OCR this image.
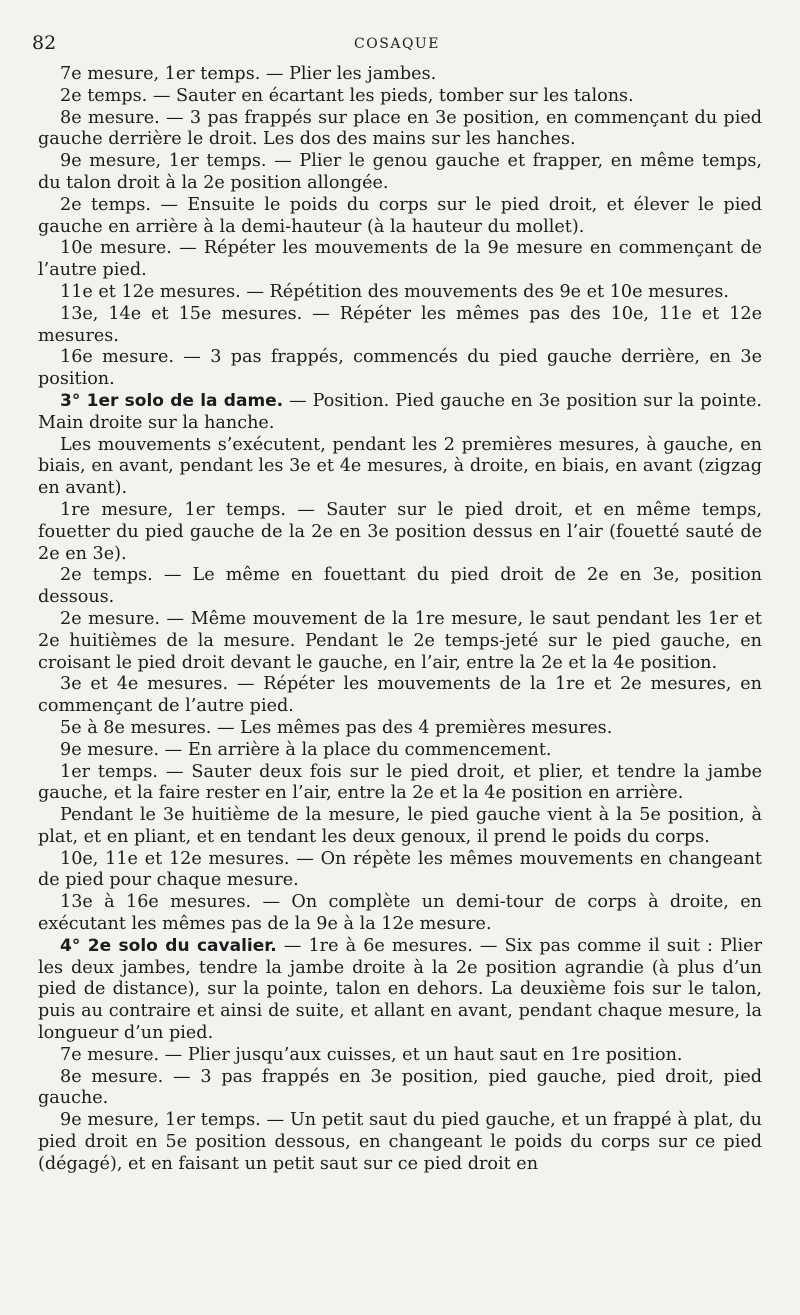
82	COSAQUE

7e mesure, 1er temps. — Plier les jambes.

2e temps. — Sauter en écartant les pieds, tomber sur les talons.

8e mesure. — 3 pas frappés sur place en 3e position, en commençant du pied gauche derrière le droit. Les dos des mains sur les hanches.

9e mesure, 1er temps. — Plier le genou gauche et frapper, en même temps, du talon droit à la 2e position allongée.

2e temps. — Ensuite le poids du corps sur le pied droit, et élever le pied gauche en arrière à la demi-hauteur (à la hauteur du mollet).

10e mesure. — Répéter les mouvements de la 9e mesure en commençant de l’autre pied.

11e et 12e mesures. — Répétition des mouvements des 9e et 10e mesures.

13e, 14e et 15e mesures. — Répéter les mêmes pas des 10e, 11e et 12e mesures.

16e mesure. — 3 pas frappés, commencés du pied gauche derrière, en 3e position.

3° 1er solo de la dame. — Position. Pied gauche en 3e position sur la pointe. Main droite sur la hanche.

Les mouvements s’exécutent, pendant les 2 premières mesures, à gauche, en biais, en avant, pendant les 3e et 4e mesures, à droite, en biais, en avant (zigzag en avant).

1re mesure, 1er temps. — Sauter sur le pied droit, et en même temps, fouetter du pied gauche de la 2e en 3e position dessus en l’air (fouetté sauté de 2e en 3e).

2e temps. — Le même en fouettant du pied droit de 2e en 3e, position dessous.

2e mesure. — Même mouvement de la 1re mesure, le saut pendant les 1er et 2e huitièmes de la mesure. Pendant le 2e temps-jeté sur le pied gauche, en croisant le pied droit devant le gauche, en l’air, entre la 2e et la 4e position.

3e et 4e mesures. — Répéter les mouvements de la 1re et 2e mesures, en commençant de l’autre pied.

5e à 8e mesures. — Les mêmes pas des 4 premières mesures.

9e mesure. — En arrière à la place du commencement.

1er temps. — Sauter deux fois sur le pied droit, et plier, et tendre la jambe gauche, et la faire rester en l’air, entre la 2e et la 4e position en arrière.

Pendant le 3e huitième de la mesure, le pied gauche vient à la 5e position, à plat, et en pliant, et en tendant les deux genoux, il prend le poids du corps.

10e, 11e et 12e mesures. — On répète les mêmes mouvements en changeant de pied pour chaque mesure.

13e à 16e mesures. — On complète un demi-tour de corps à droite, en exécutant les mêmes pas de la 9e à la 12e mesure.

4° 2e solo du cavalier. — 1re à 6e mesures. — Six pas comme il suit : Plier les deux jambes, tendre la jambe droite à la 2e position agrandie (à plus d’un pied de distance), sur la pointe, talon en dehors. La deuxième fois sur le talon, puis au contraire et ainsi de suite, et allant en avant, pendant chaque mesure, la longueur d’un pied.

7e mesure. — Plier jusqu’aux cuisses, et un haut saut en 1re position.

8e mesure. — 3 pas frappés en 3e position, pied gauche, pied droit, pied gauche.

9e mesure, 1er temps. — Un petit saut du pied gauche, et un frappé à plat, du pied droit en 5e position dessous, en changeant le poids du corps sur ce pied (dégagé), et en faisant un petit saut sur ce pied droit en
